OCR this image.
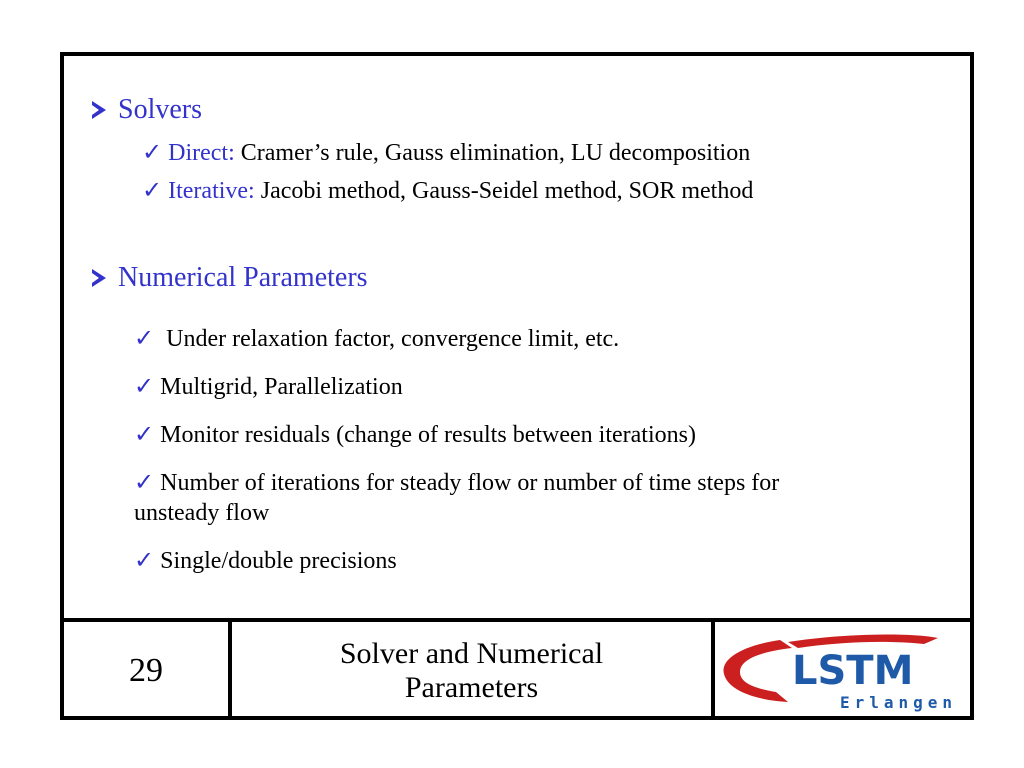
Solvers
✓ Direct: Cramer’s rule, Gauss elimination, LU decomposition
✓ Iterative: Jacobi method, Gauss-Seidel method, SOR method
Numerical Parameters
✓ Under relaxation factor, convergence limit, etc.
✓ Multigrid, Parallelization
✓ Monitor residuals (change of results between iterations)
✓ Number of iterations for steady flow or number of time steps for
unsteady flow
✓ Single/double precisions
29	Solver and Numerical
Parameters	LSTM
Erlangen
